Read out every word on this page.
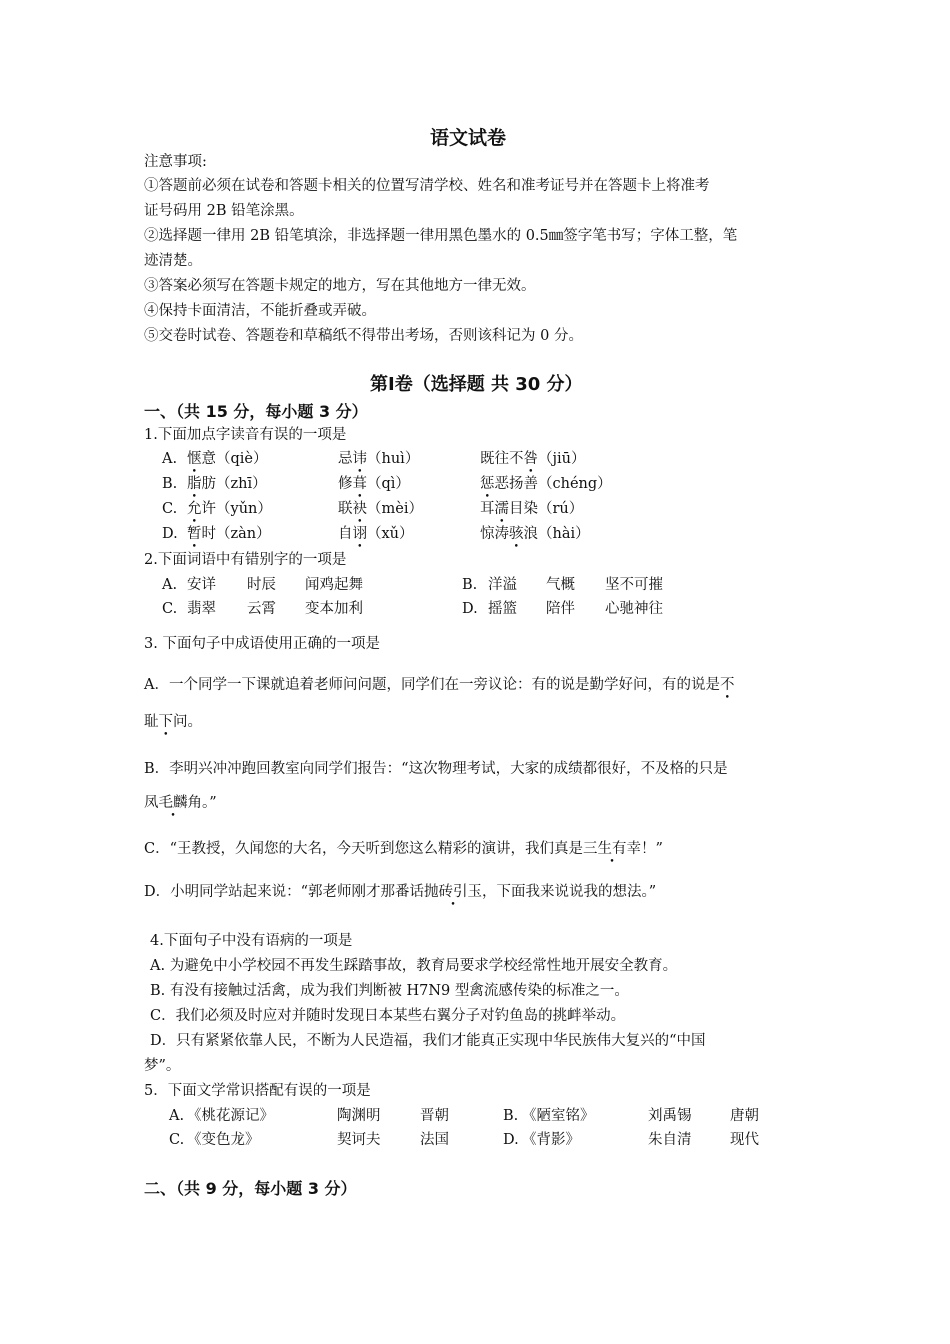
语文试卷
注意事项:
①答题前必须在试卷和答题卡相关的位置写清学校、姓名和准考证号并在答题卡上将准考
证号码用 2B 铅笔涂黑。
②选择题一律用 2B 铅笔填涂，非选择题一律用黑色墨水的 0.5㎜签字笔书写；字体工整，笔
迹清楚。
③答案必须写在答题卡规定的地方，写在其他地方一律无效。
④保持卡面清洁，不能折叠或弄破。
⑤交卷时试卷、答题卷和草稿纸不得带出考场，否则该科记为 0 分。
第Ⅰ卷（选择题 共 30 分）
一、（共 15 分，每小题 3 分）
1.下面加点字读音有误的一项是
A. 惬意（qiè）	忌讳（huì）	既往不咎（jiū）
B. 脂肪（zhī）	修葺（qì）	惩恶扬善（chéng）
C. 允许（yǔn）	联袂（mèi）	耳濡目染（rú）
D. 暂时（zàn）	自诩（xǔ）	惊涛骇浪（hài）
2.下面词语中有错别字的一项是
A. 安详 时辰 闻鸡起舞	B. 洋溢 气概 坚不可摧
C. 翡翠 云霄 变本加利	D. 摇篮 陪伴 心驰神往
3. 下面句子中成语使用正确的一项是
A．一个同学一下课就追着老师问问题，同学们在一旁议论：有的说是勤学好问，有的说是不
耻下问。
B．李明兴冲冲跑回教室向同学们报告：“这次物理考试，大家的成绩都很好，不及格的只是
凤毛麟角。”
C．“王教授，久闻您的大名，今天听到您这么精彩的演讲，我们真是三生有幸！”
D．小明同学站起来说：“郭老师刚才那番话抛砖引玉，下面我来说说我的想法。”
4.下面句子中没有语病的一项是
A. 为避免中小学校园不再发生踩踏事故，教育局要求学校经常性地开展安全教育。
B. 有没有接触过活禽，成为我们判断被 H7N9 型禽流感传染的标准之一。
C．我们必须及时应对并随时发现日本某些右翼分子对钓鱼岛的挑衅举动。
D．只有紧紧依靠人民，不断为人民造福，我们才能真正实现中华民族伟大复兴的“中国
梦”。
5．下面文学常识搭配有误的一项是
A. 《桃花源记》	陶渊明	晋朝	B. 《陋室铭》	刘禹锡	唐朝
C. 《变色龙》	契诃夫	法国	D. 《背影》	朱自清	现代
二、（共 9 分，每小题 3 分）
